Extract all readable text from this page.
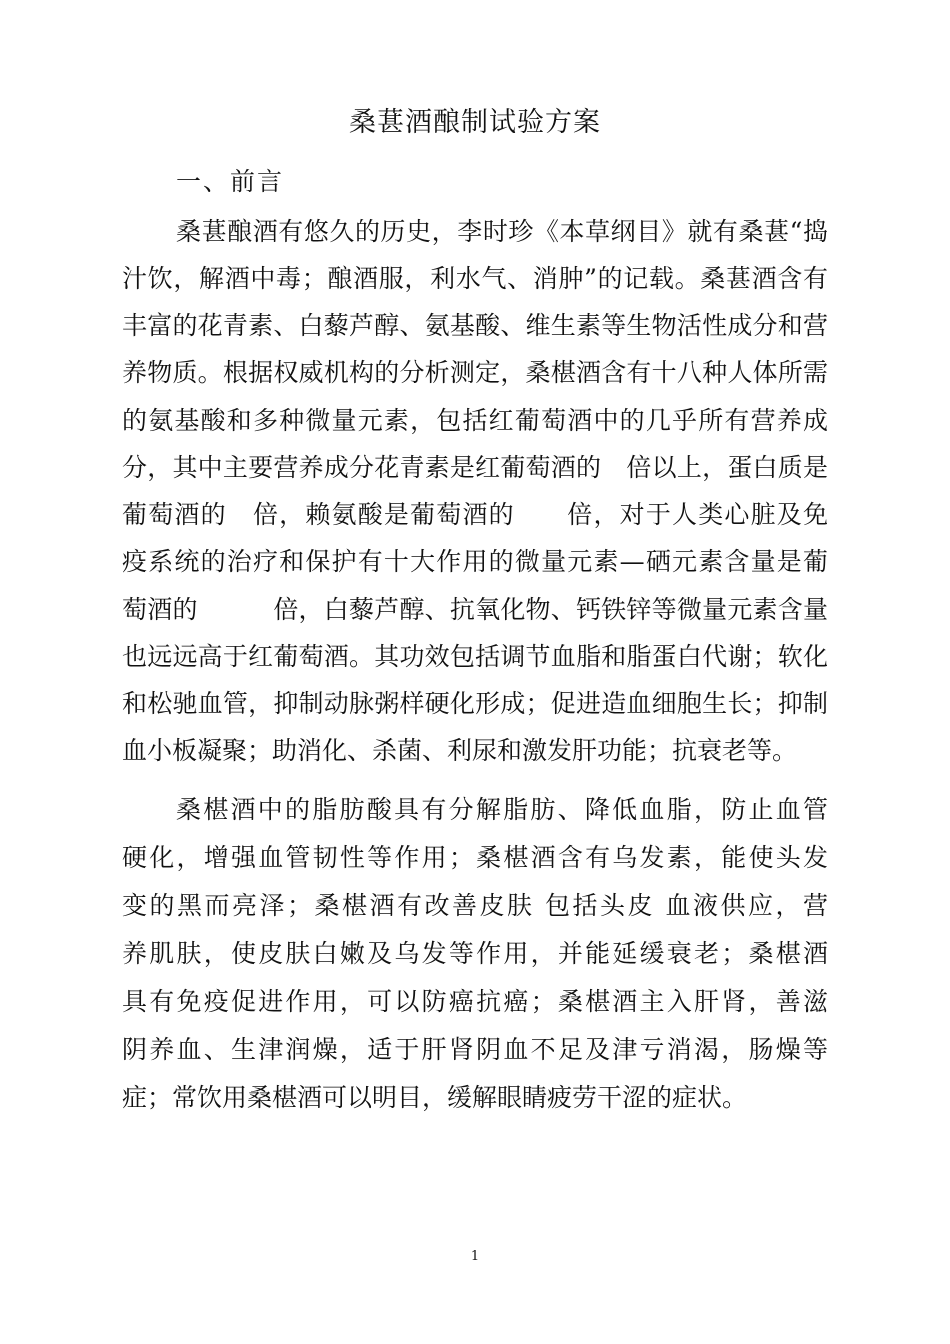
桑葚酒酿制试验方案
一、前言
桑葚酿酒有悠久的历史，李时珍《本草纲目》就有桑葚“捣
汁饮，解酒中毒；酿酒服，利水气、消肿”的记载。桑葚酒含有
丰富的花青素、白藜芦醇、氨基酸、维生素等生物活性成分和营
养物质。根据权威机构的分析测定，桑椹酒含有十八种人体所需
的氨基酸和多种微量元素，包括红葡萄酒中的几乎所有营养成
分，其中主要营养成分花青素是红葡萄酒的　倍以上，蛋白质是
葡萄酒的　倍，赖氨酸是葡萄酒的　　倍，对于人类心脏及免
疫系统的治疗和保护有十大作用的微量元素—硒元素含量是葡
萄酒的　　　倍，白藜芦醇、抗氧化物、钙铁锌等微量元素含量
也远远高于红葡萄酒。其功效包括调节血脂和脂蛋白代谢；软化
和松驰血管，抑制动脉粥样硬化形成；促进造血细胞生长；抑制
血小板凝聚；助消化、杀菌、利尿和激发肝功能；抗衰老等。
桑椹酒中的脂肪酸具有分解脂肪、降低血脂，防止血管
硬化，增强血管韧性等作用；桑椹酒含有乌发素，能使头发
变的黑而亮泽；桑椹酒有改善皮肤 包括头皮 血液供应，营
养肌肤，使皮肤白嫩及乌发等作用，并能延缓衰老；桑椹酒
具有免疫促进作用，可以防癌抗癌；桑椹酒主入肝肾，善滋
阴养血、生津润燥，适于肝肾阴血不足及津亏消渴，肠燥等
症；常饮用桑椹酒可以明目，缓解眼睛疲劳干涩的症状。
1
